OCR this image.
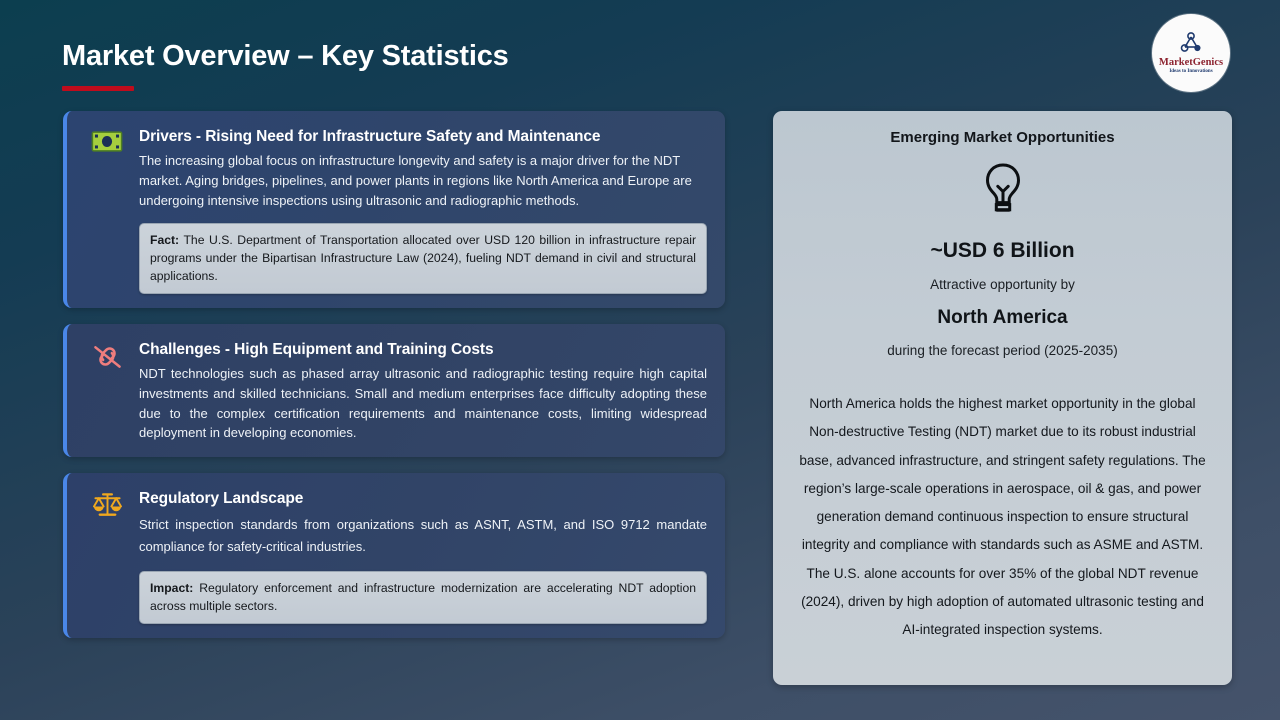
Market Overview – Key Statistics	MarketGenics
Ideas to Innovations
Drivers - Rising Need for Infrastructure Safety and Maintenance
The increasing global focus on infrastructure longevity and safety is a major driver for the NDT market. Aging bridges, pipelines, and power plants in regions like North America and Europe are undergoing intensive inspections using ultrasonic and radiographic methods.
Fact: The U.S. Department of Transportation allocated over USD 120 billion in infrastructure repair programs under the Bipartisan Infrastructure Law (2024), fueling NDT demand in civil and structural applications.
Challenges - High Equipment and Training Costs
NDT technologies such as phased array ultrasonic and radiographic testing require high capital investments and skilled technicians. Small and medium enterprises face difficulty adopting these due to the complex certification requirements and maintenance costs, limiting widespread deployment in developing economies.
Regulatory Landscape
Strict inspection standards from organizations such as ASNT, ASTM, and ISO 9712 mandate compliance for safety-critical industries.
Impact: Regulatory enforcement and infrastructure modernization are accelerating NDT adoption across multiple sectors.
Emerging Market Opportunities
~USD 6 Billion
Attractive opportunity by
North America
during the forecast period (2025-2035)
North America holds the highest market opportunity in the global Non-destructive Testing (NDT) market due to its robust industrial base, advanced infrastructure, and stringent safety regulations. The region’s large-scale operations in aerospace, oil & gas, and power generation demand continuous inspection to ensure structural integrity and compliance with standards such as ASME and ASTM. The U.S. alone accounts for over 35% of the global NDT revenue (2024), driven by high adoption of automated ultrasonic testing and AI-integrated inspection systems.
